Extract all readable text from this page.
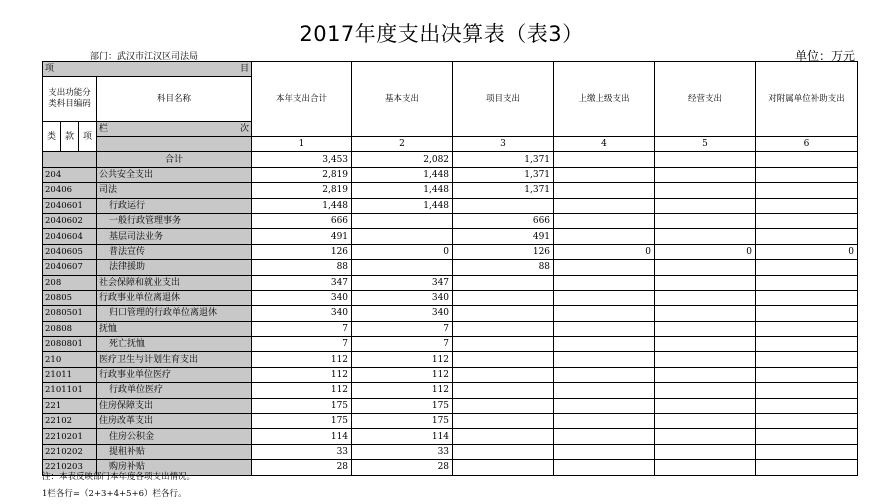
2017年度支出决算表（表3）
部门：武汉市江汉区司法局	单位：万元
项 目				本年支出合计	基本支出	项目支出	上缴上级支出	经营支出	对附属单位补助支出
支出功能分类科目编码			科目名称						
类	款	项	栏 次						

				1	2	3	4	5	6
			合计	3,453	2,082	1,371			
204			公共安全支出	2,819	1,448	1,371			
20406			司法	2,819	1,448	1,371			
2040601			行政运行	1,448	1,448				
2040602			一般行政管理事务	666		666			
2040604			基层司法业务	491		491			
2040605			普法宣传	126	0	126	0	0	0
2040607			法律援助	88		88			
208			社会保障和就业支出	347	347				
20805			行政事业单位离退休	340	340				
2080501			归口管理的行政单位离退休	340	340				
20808			抚恤	7	7				
2080801			死亡抚恤	7	7				
210			医疗卫生与计划生育支出	112	112				
21011			行政事业单位医疗	112	112				
2101101			行政单位医疗	112	112				
221			住房保障支出	175	175				
22102			住房改革支出	175	175				
2210201			住房公积金	114	114				
2210202			提租补贴	33	33				
2210203			购房补贴	28	28				
注：本表反映部门本年度各项支出情况。
1栏各行=（2+3+4+5+6）栏各行。
